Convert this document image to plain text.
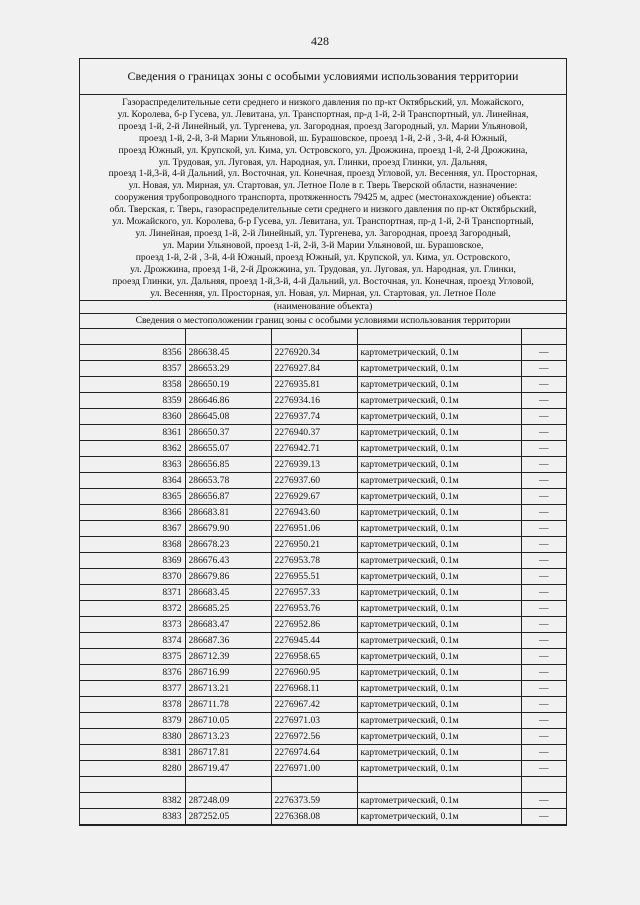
428
Сведения о границах зоны с особыми условиями использования территории
Газораспределительные сети среднего и низкого давления по пр-кт Октябрьский, ул. Можайского,
ул. Королева, б-р Гусева, ул. Левитана, ул. Транспортная, пр-д 1-й, 2-й Транспортный, ул. Линейная,
проезд 1-й, 2-й Линейный, ул. Тургенева, ул. Загородная, проезд Загородный, ул. Марии Ульяновой,
проезд 1-й, 2-й, 3-й Марии Ульяновой, ш. Бурашовское, проезд 1-й, 2-й , 3-й, 4-й Южный,
проезд Южный, ул. Крупской, ул. Кима, ул. Островского, ул. Дрожжина, проезд 1-й, 2-й Дрожжина,
ул. Трудовая, ул. Луговая, ул. Народная, ул. Глинки, проезд Глинки, ул. Дальняя,
проезд 1-й,3-й, 4-й Дальний, ул. Восточная, ул. Конечная, проезд Угловой, ул. Весенняя, ул. Просторная,
ул. Новая, ул. Мирная, ул. Стартовая, ул. Летное Поле в г. Тверь Тверской области, назначение:
сооружения трубопроводного транспорта, протяженность 79425 м, адрес (местонахождение) объекта:
обл. Тверская, г. Тверь, газораспределительные сети среднего и низкого давления по пр-кт Октябрьский,
ул. Можайского, ул. Королева, б-р Гусева, ул. Левитана, ул. Транспортная, пр-д 1-й, 2-й Транспортный,
ул. Линейная, проезд 1-й, 2-й Линейный, ул. Тургенева, ул. Загородная, проезд Загородный,
ул. Марии Ульяновой, проезд 1-й, 2-й, 3-й Марии Ульяновой, ш. Бурашовское,
проезд 1-й, 2-й , 3-й, 4-й Южный, проезд Южный, ул. Крупской, ул. Кима, ул. Островского,
ул. Дрожжина, проезд 1-й, 2-й Дрожжина, ул. Трудовая, ул. Луговая, ул. Народная, ул. Глинки,
проезд Глинки, ул. Дальняя, проезд 1-й,3-й, 4-й Дальний, ул. Восточная, ул. Конечная, проезд Угловой,
ул. Весенняя, ул. Просторная, ул. Новая, ул. Мирная, ул. Стартовая, ул. Летное Поле
(наименование объекта)
Сведения о местоположении границ зоны с особыми условиями использования территории

8356	286638.45	2276920.34	картометрический, 0.1м	—
8357	286653.29	2276927.84	картометрический, 0.1м	—
8358	286650.19	2276935.81	картометрический, 0.1м	—
8359	286646.86	2276934.16	картометрический, 0.1м	—
8360	286645.08	2276937.74	картометрический, 0.1м	—
8361	286650.37	2276940.37	картометрический, 0.1м	—
8362	286655.07	2276942.71	картометрический, 0.1м	—
8363	286656.85	2276939.13	картометрический, 0.1м	—
8364	286653.78	2276937.60	картометрический, 0.1м	—
8365	286656.87	2276929.67	картометрический, 0.1м	—
8366	286683.81	2276943.60	картометрический, 0.1м	—
8367	286679.90	2276951.06	картометрический, 0.1м	—
8368	286678.23	2276950.21	картометрический, 0.1м	—
8369	286676.43	2276953.78	картометрический, 0.1м	—
8370	286679.86	2276955.51	картометрический, 0.1м	—
8371	286683.45	2276957.33	картометрический, 0.1м	—
8372	286685.25	2276953.76	картометрический, 0.1м	—
8373	286683.47	2276952.86	картометрический, 0.1м	—
8374	286687.36	2276945.44	картометрический, 0.1м	—
8375	286712.39	2276958.65	картометрический, 0.1м	—
8376	286716.99	2276960.95	картометрический, 0.1м	—
8377	286713.21	2276968.11	картометрический, 0.1м	—
8378	286711.78	2276967.42	картометрический, 0.1м	—
8379	286710.05	2276971.03	картометрический, 0.1м	—
8380	286713.23	2276972.56	картометрический, 0.1м	—
8381	286717.81	2276974.64	картометрический, 0.1м	—
8280	286719.47	2276971.00	картометрический, 0.1м	—

8382	287248.09	2276373.59	картометрический, 0.1м	—
8383	287252.05	2276368.08	картометрический, 0.1м	—
